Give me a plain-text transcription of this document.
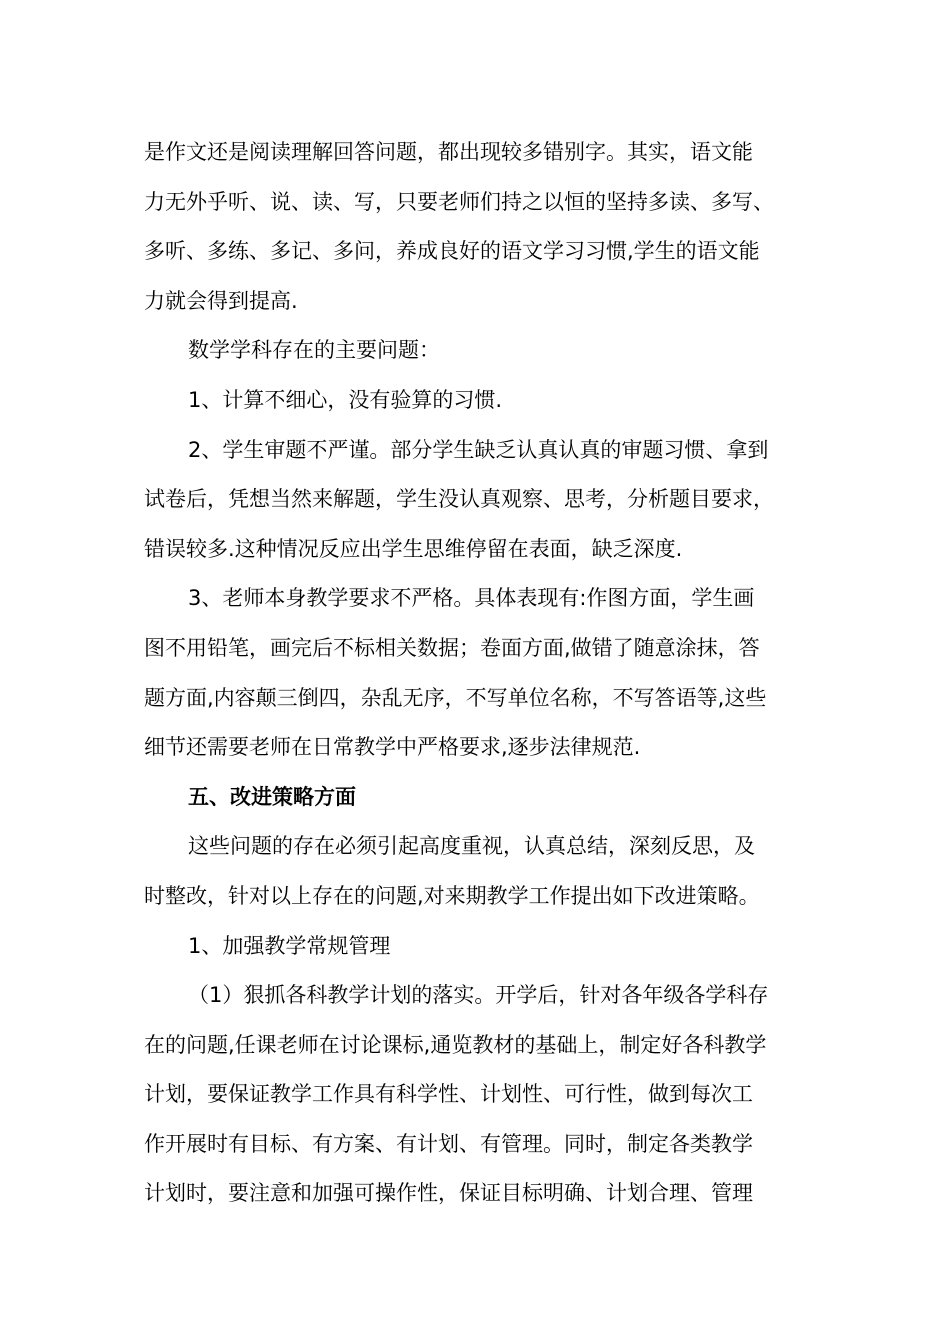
是作文还是阅读理解回答问题，都出现较多错别字。其实，语文能
力无外乎听、说、读、写，只要老师们持之以恒的坚持多读、多写、
多听、多练、多记、多问，养成良好的语文学习习惯,学生的语文能
力就会得到提高.
数学学科存在的主要问题：
1、计算不细心，没有验算的习惯.
2、学生审题不严谨。部分学生缺乏认真认真的审题习惯、拿到
试卷后，凭想当然来解题，学生没认真观察、思考，分析题目要求，
错误较多.这种情况反应出学生思维停留在表面，缺乏深度.
3、老师本身教学要求不严格。具体表现有:作图方面，学生画
图不用铅笔，画完后不标相关数据；卷面方面,做错了随意涂抹，答
题方面,内容颠三倒四，杂乱无序，不写单位名称，不写答语等,这些
细节还需要老师在日常教学中严格要求,逐步法律规范.
五、改进策略方面
这些问题的存在必须引起高度重视，认真总结，深刻反思，及
时整改，针对以上存在的问题,对来期教学工作提出如下改进策略。
1、加强教学常规管理
（1）狠抓各科教学计划的落实。开学后，针对各年级各学科存
在的问题,任课老师在讨论课标,通览教材的基础上，制定好各科教学
计划，要保证教学工作具有科学性、计划性、可行性，做到每次工
作开展时有目标、有方案、有计划、有管理。同时，制定各类教学
计划时，要注意和加强可操作性，保证目标明确、计划合理、管理
